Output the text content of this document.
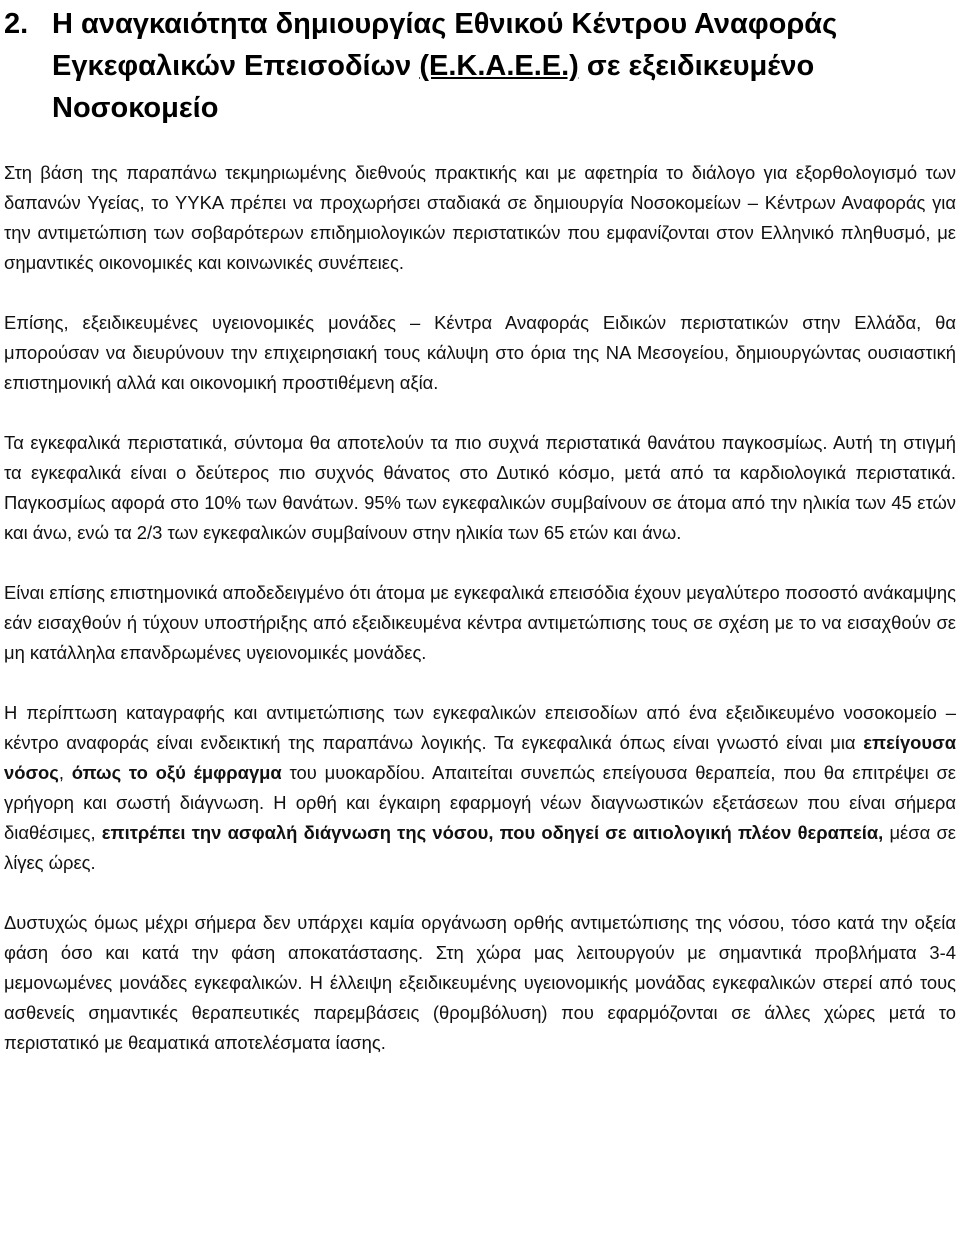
2. Η αναγκαιότητα δημιουργίας Εθνικού Κέντρου Αναφοράς Εγκεφαλικών Επεισοδίων (Ε.Κ.Α.Ε.Ε.) σε εξειδικευμένο Νοσοκομείο

Στη βάση της παραπάνω τεκμηριωμένης διεθνούς πρακτικής και με αφετηρία το διάλογο για εξορθολογισμό των δαπανών Υγείας, το ΥΥΚΑ πρέπει να προχωρήσει σταδιακά σε δημιουργία Νοσοκομείων – Κέντρων Αναφοράς για την αντιμετώπιση των σοβαρότερων επιδημιολογικών περιστατικών που εμφανίζονται στον Ελληνικό πληθυσμό, με σημαντικές οικονομικές και κοινωνικές συνέπειες.

Επίσης, εξειδικευμένες υγειονομικές μονάδες – Κέντρα Αναφοράς Ειδικών περιστατικών στην Ελλάδα, θα μπορούσαν να διευρύνουν την επιχειρησιακή τους κάλυψη στο όρια της ΝΑ Μεσογείου, δημιουργώντας ουσιαστική επιστημονική αλλά και οικονομική προστιθέμενη αξία.

Τα εγκεφαλικά περιστατικά, σύντομα θα αποτελούν τα πιο συχνά περιστατικά θανάτου παγκοσμίως. Αυτή τη στιγμή τα εγκεφαλικά είναι ο δεύτερος πιο συχνός θάνατος στο Δυτικό κόσμο, μετά από τα καρδιολογικά περιστατικά. Παγκοσμίως αφορά στο 10% των θανάτων. 95% των εγκεφαλικών συμβαίνουν σε άτομα από την ηλικία των 45 ετών και άνω, ενώ τα 2/3 των εγκεφαλικών συμβαίνουν στην ηλικία των 65 ετών και άνω.

Είναι επίσης επιστημονικά αποδεδειγμένο ότι άτομα με εγκεφαλικά επεισόδια έχουν μεγαλύτερο ποσοστό ανάκαμψης εάν εισαχθούν ή τύχουν υποστήριξης από εξειδικευμένα κέντρα αντιμετώπισης τους σε σχέση με το να εισαχθούν σε μη κατάλληλα επανδρωμένες υγειονομικές μονάδες.

Η περίπτωση καταγραφής και αντιμετώπισης των εγκεφαλικών επεισοδίων από ένα εξειδικευμένο νοσοκομείο – κέντρο αναφοράς είναι ενδεικτική της παραπάνω λογικής. Τα εγκεφαλικά όπως είναι γνωστό είναι μια επείγουσα νόσος, όπως το οξύ έμφραγμα του μυοκαρδίου. Απαιτείται συνεπώς επείγουσα θεραπεία, που θα επιτρέψει σε γρήγορη και σωστή διάγνωση. Η ορθή και έγκαιρη εφαρμογή νέων διαγνωστικών εξετάσεων που είναι σήμερα διαθέσιμες, επιτρέπει την ασφαλή διάγνωση της νόσου, που οδηγεί σε αιτιολογική πλέον θεραπεία, μέσα σε λίγες ώρες.

Δυστυχώς όμως μέχρι σήμερα δεν υπάρχει καμία οργάνωση ορθής αντιμετώπισης της νόσου, τόσο κατά την οξεία φάση όσο και κατά την φάση αποκατάστασης. Στη χώρα μας λειτουργούν με σημαντικά προβλήματα 3-4 μεμονωμένες μονάδες εγκεφαλικών. Η έλλειψη εξειδικευμένης υγειονομικής μονάδας εγκεφαλικών στερεί από τους ασθενείς σημαντικές θεραπευτικές παρεμβάσεις (θρομβόλυση) που εφαρμόζονται σε άλλες χώρες μετά το περιστατικό με θεαματικά αποτελέσματα ίασης.
